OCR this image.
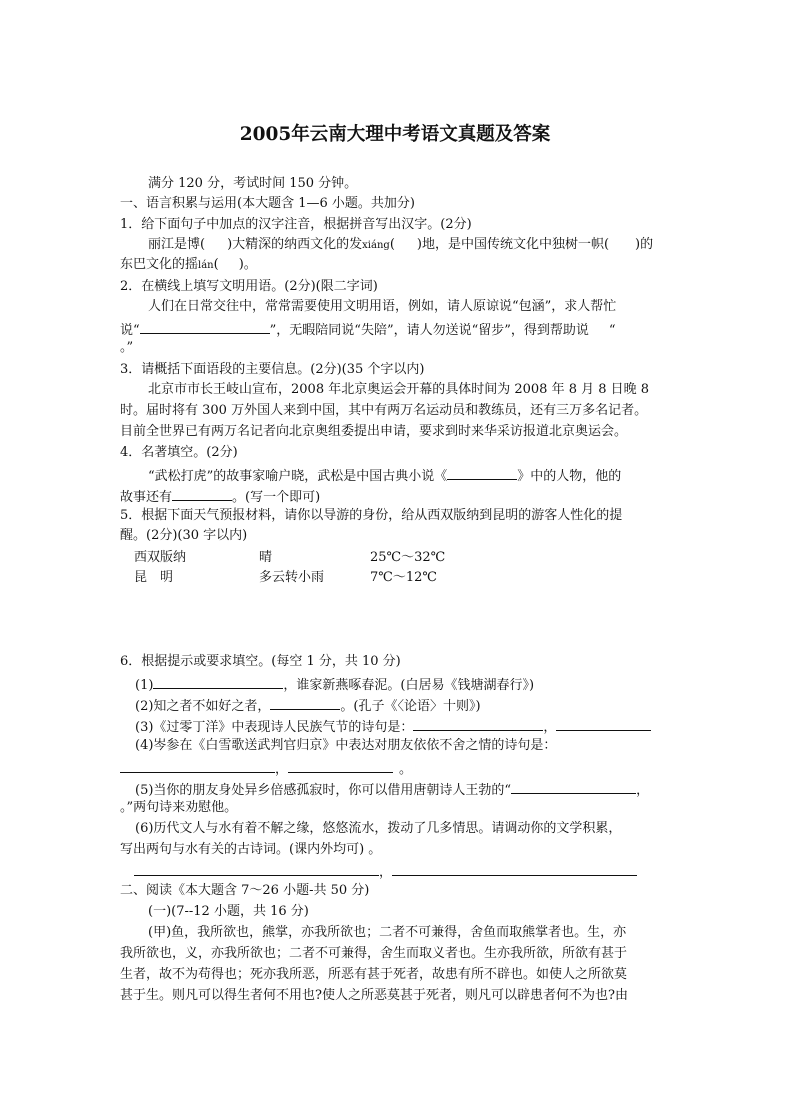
2005年云南大理中考语文真题及答案
满分 120 分，考试时间 150 分钟。
一、语言积累与运用(本大题含 1—6 小题。共加分)
1．给下面句子中加点的汉字注音，根据拼音写出汉字。(2分)
丽江是博( )大精深的纳西文化的发xiáng( )地，是中国传统文化中独树一帜( )的
东巴文化的摇lán( )。
2．在横线上填写文明用语。(2分)(限二字词)
人们在日常交往中，常常需要使用文明用语，例如，请人原谅说“包涵”，求人帮忙
说“	”，无暇陪同说“失陪”，请人勿送说“留步”，得到帮助说 “
。”
3．请概括下面语段的主要信息。(2分)(35 个字以内)
北京市市长王岐山宣布，2008 年北京奥运会开幕的具体时间为 2008 年 8 月 8 日晚 8
时。届时将有 300 万外国人来到中国，其中有两万名运动员和教练员，还有三万多名记者。
目前全世界已有两万名记者向北京奥组委提出申请，要求到时来华采访报道北京奥运会。
4．名著填空。(2分)
“武松打虎”的故事家喻户晓，武松是中国古典小说《	》中的人物，他的
故事还有	。(写一个即可)
5．根据下面天气预报材料，请你以导游的身份，给从西双版纳到昆明的游客人性化的提
醒。(2分)(30 字以内)
西双版纳	晴	25℃～32℃
昆　明	多云转小雨	7℃～12℃
6．根据提示或要求填空。(每空 1 分，共 10 分)
(1)	，谁家新燕啄春泥。(白居易《钱塘湖春行》)
(2)知之者不如好之者，	。(孔子《〈论语〉十则》)
(3)《过零丁洋》中表现诗人民族气节的诗句是：	，
(4)岑参在《白雪歌送武判官归京》中表达对朋友依依不舍之情的诗句是：
，	。
(5)当你的朋友身处异乡倍感孤寂时，你可以借用唐朝诗人王勃的“	，
。”两句诗来劝慰他。
(6)历代文人与水有着不解之缘，悠悠流水，拨动了几多情思。请调动你的文学积累，
写出两句与水有关的古诗词。(课内外均可) 。
，
二、阅读《本大题含 7～26 小题-共 50 分)
(一)(7--12 小题，共 16 分)
(甲)鱼，我所欲也，熊掌，亦我所欲也；二者不可兼得，舍鱼而取熊掌者也。生，亦
我所欲也，义，亦我所欲也；二者不可兼得，舍生而取义者也。生亦我所欲，所欲有甚于
生者，故不为苟得也；死亦我所恶，所恶有甚于死者，故患有所不辟也。如使人之所欲莫
甚于生。则凡可以得生者何不用也?使人之所恶莫甚于死者，则凡可以辟患者何不为也?由
